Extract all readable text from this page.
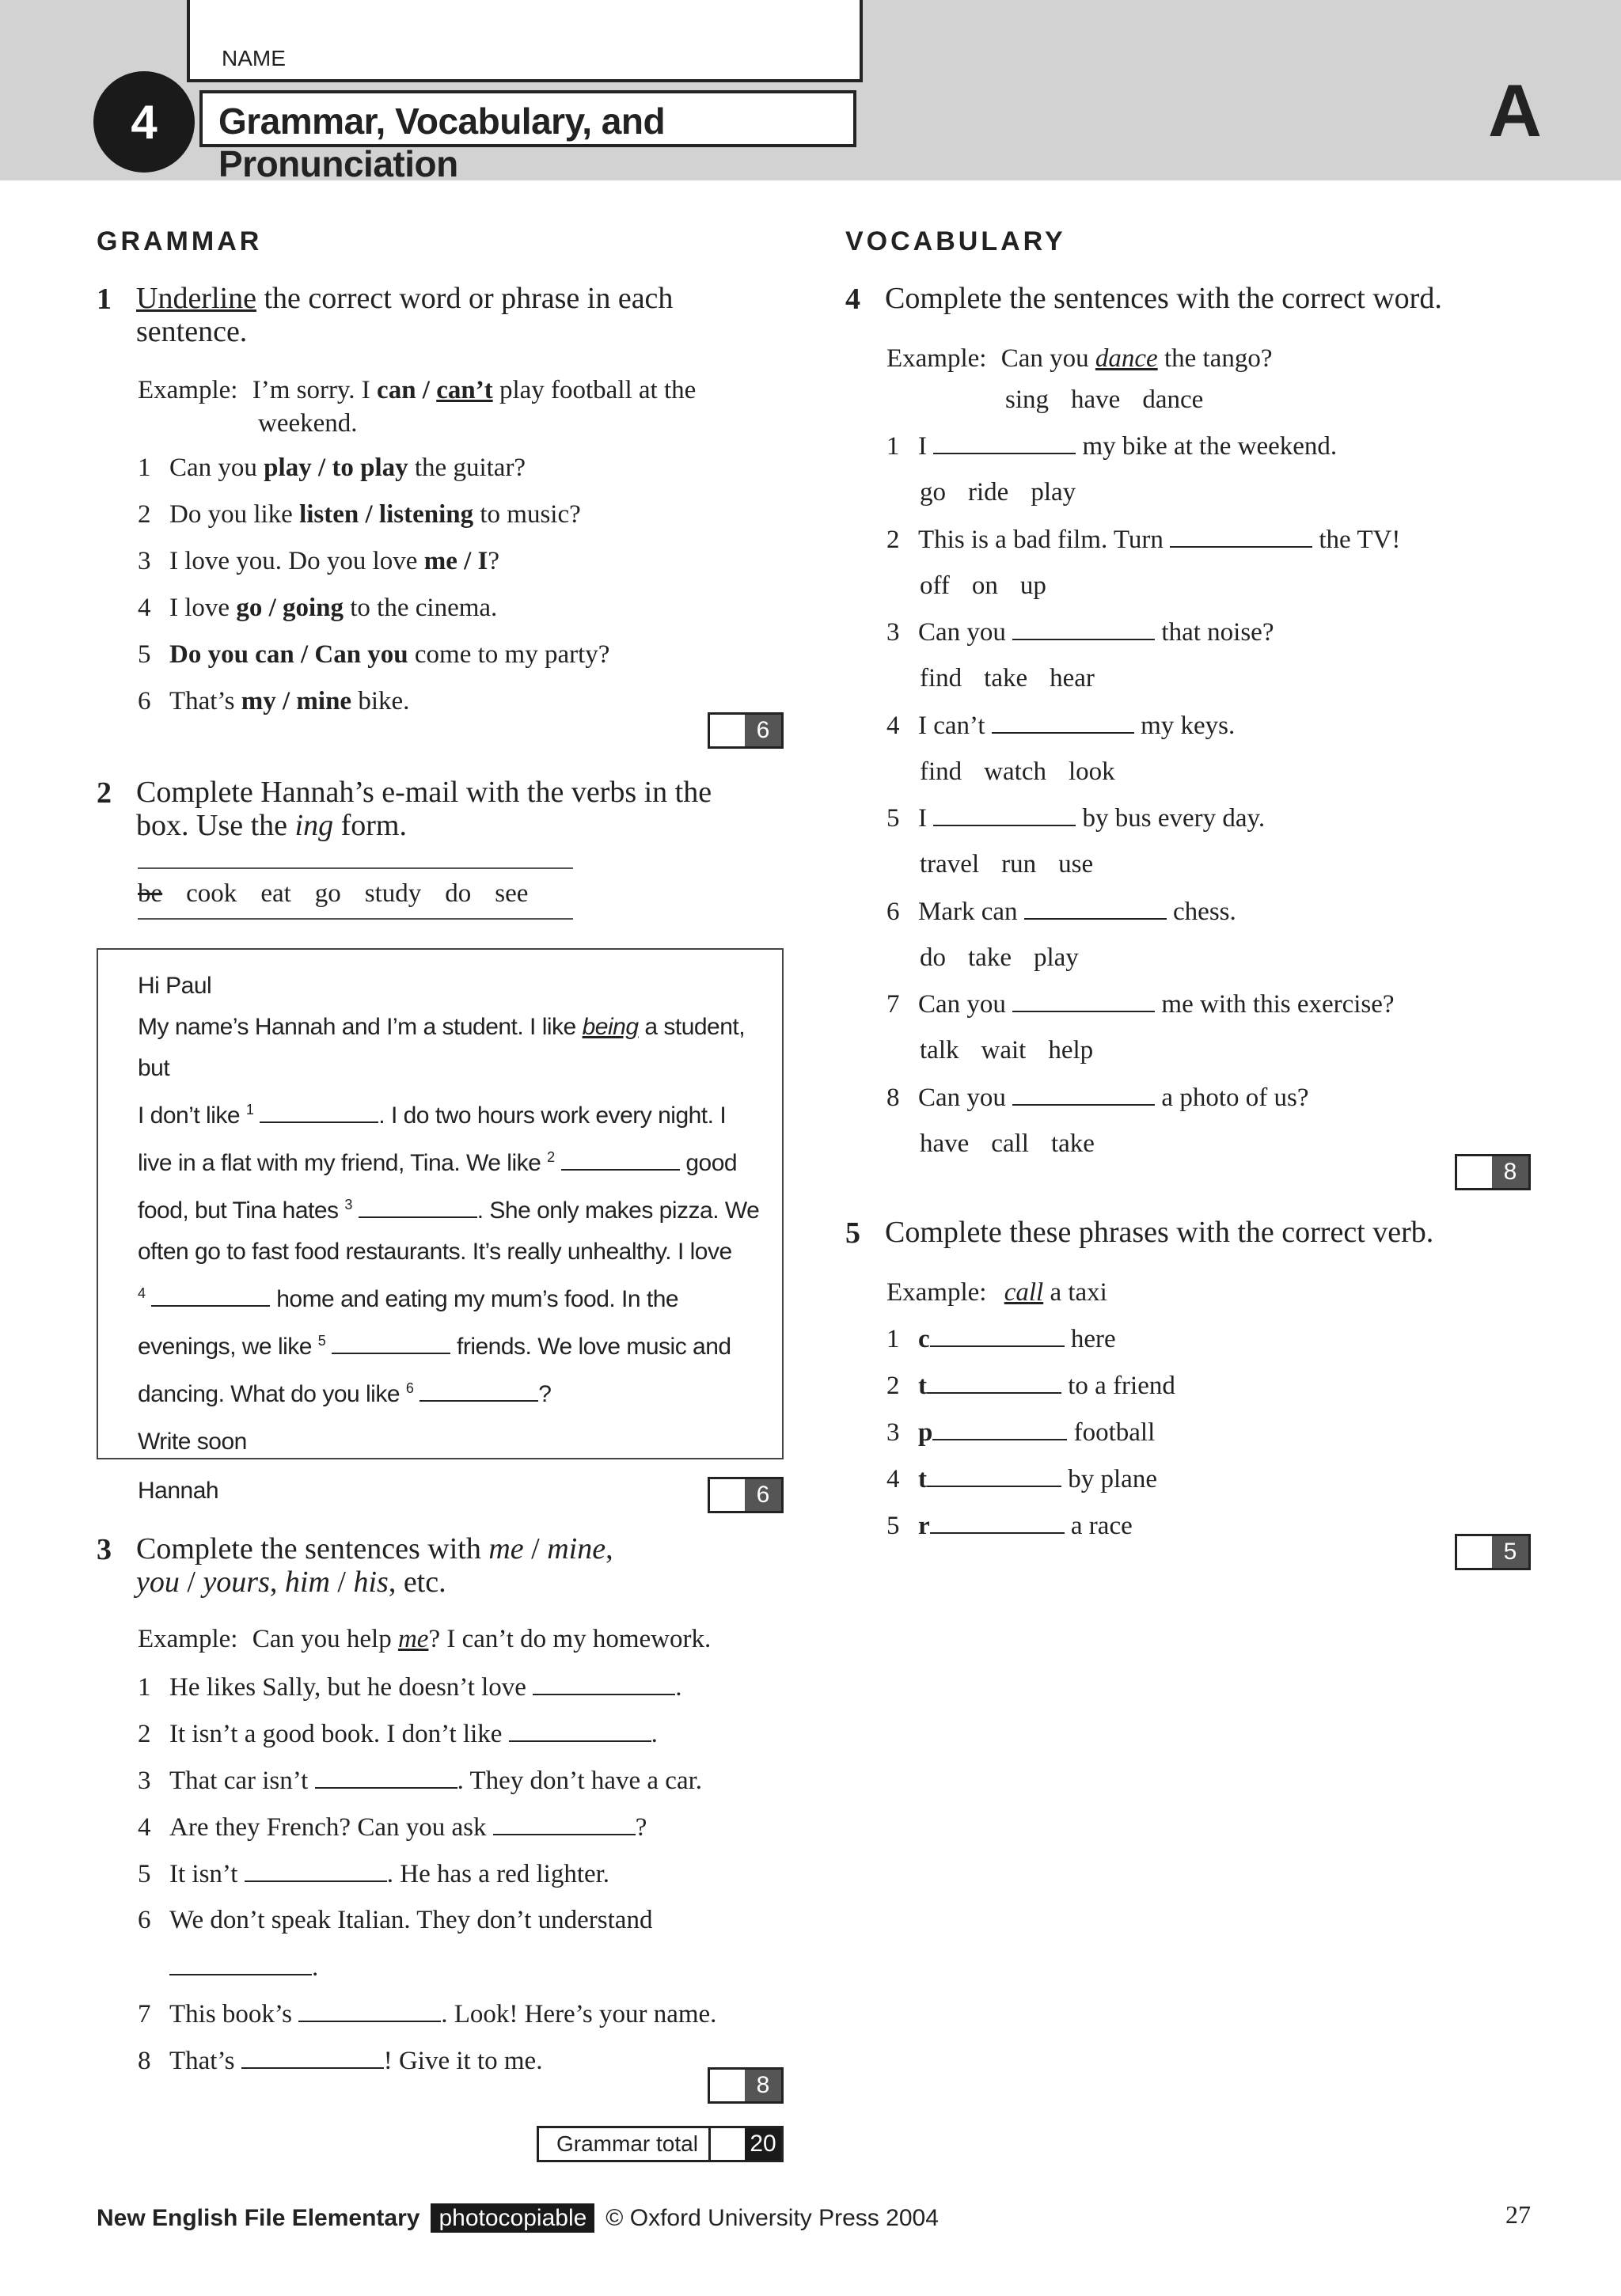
NAME
4	Grammar, Vocabulary, and Pronunciation
A
GRAMMAR
1 Underline the correct word or phrase in each
sentence.
Example: I’m sorry. I can / can’t play football at the
weekend.
1 Can you play / to play the guitar?
2 Do you like listen / listening to music?
3 I love you. Do you love me / I?
4 I love go / going to the cinema.
5 Do you can / Can you come to my party?
6 That’s my / mine bike.
6
2 Complete Hannah’s e-mail with the verbs in the
box. Use the ing form.
be cook eat go study do see

Hi Paul

My name’s Hannah and I’m a student. I like being a student, but
I don’t like $^1$	. I do two hours work every night. I
live in a flat with my friend, Tina. We like $^2$	good
food, but Tina hates $^3$	. She only makes pizza. We
often go to fast food restaurants. It’s really unhealthy. I love
$^4$	home and eating my mum’s food. In the
evenings, we like $^5$	friends. We love music and
dancing. What do you like $^6$	?

Write soon

Hannah	6
3 Complete the sentences with me / mine,
you / yours, him / his, etc.
Example: Can you help me? I can’t do my homework.
1 He likes Sally, but he doesn’t love	.
2 It isn’t a good book. I don’t like	.
3 That car isn’t	. They don’t have a car.
4 Are they French? Can you ask	?
5 It isn’t	. He has a red lighter.
6 We don’t speak Italian. They don’t understand
.
7 This book’s	. Look! Here’s your name.
8 That’s	! Give it to me.
8
Grammar total 20
VOCABULARY
4 Complete the sentences with the correct word.
Example: Can you dance the tango?
sing have dance
1 I	my bike at the weekend.
go ride play
2 This is a bad film. Turn	the TV!
off on up
3 Can you	that noise?
find take hear
4 I can’t	my keys.
find watch look
5 I	by bus every day.
travel run use
6 Mark can	chess.
do take play
7 Can you	me with this exercise?
talk wait help
8 Can you	a photo of us?
have call take
8
5 Complete these phrases with the correct verb.
Example: call a taxi
1 c	here
2 t	to a friend
3 p	football
4 t	by plane
5 r	a race
5
New English File Elementary photocopiable © Oxford University Press 2004	27
